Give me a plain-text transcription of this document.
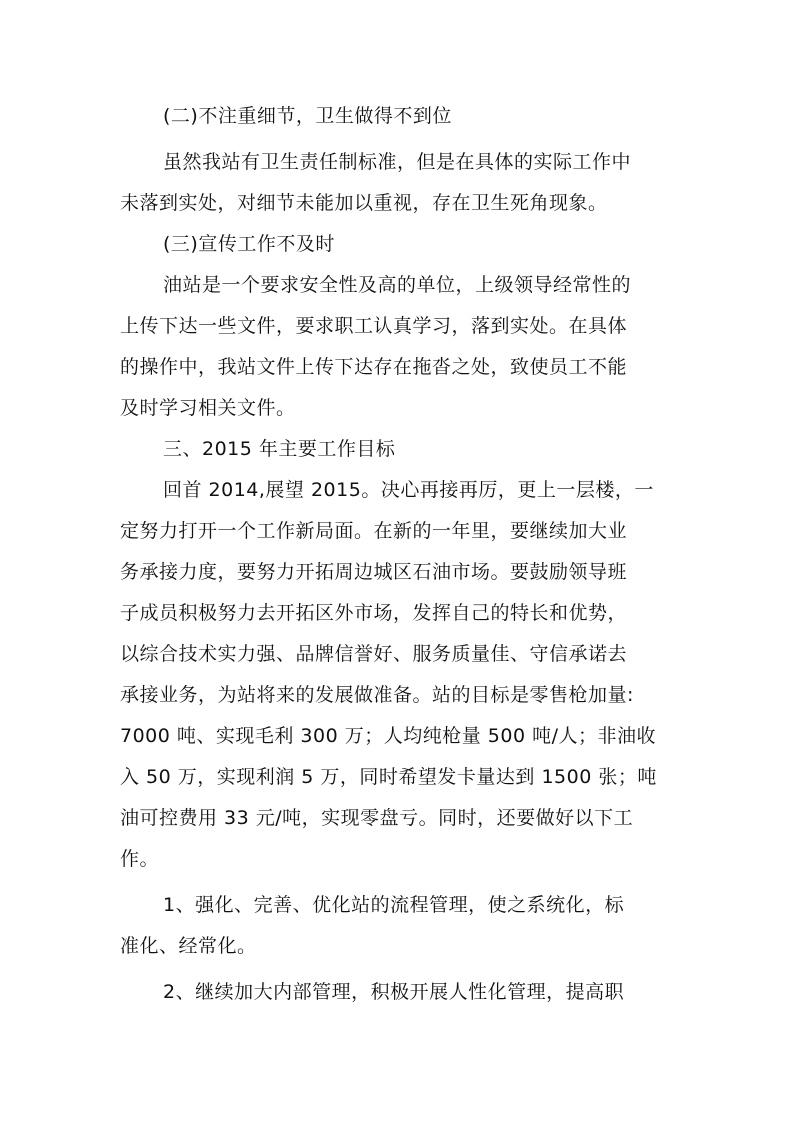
(二)不注重细节，卫生做得不到位
虽然我站有卫生责任制标准，但是在具体的实际工作中
未落到实处，对细节未能加以重视，存在卫生死角现象。
(三)宣传工作不及时
油站是一个要求安全性及高的单位，上级领导经常性的
上传下达一些文件，要求职工认真学习，落到实处。在具体
的操作中，我站文件上传下达存在拖沓之处，致使员工不能
及时学习相关文件。
三、2015 年主要工作目标
回首 2014,展望 2015。决心再接再厉，更上一层楼，一
定努力打开一个工作新局面。在新的一年里，要继续加大业
务承接力度，要努力开拓周边城区石油市场。要鼓励领导班
子成员积极努力去开拓区外市场，发挥自己的特长和优势，
以综合技术实力强、品牌信誉好、服务质量佳、守信承诺去
承接业务，为站将来的发展做准备。站的目标是零售枪加量:
7000 吨、实现毛利 300 万；人均纯枪量 500 吨/人；非油收
入 50 万，实现利润 5 万，同时希望发卡量达到 1500 张；吨
油可控费用 33 元/吨，实现零盘亏。同时，还要做好以下工
作。
1、强化、完善、优化站的流程管理，使之系统化，标
准化、经常化。
2、继续加大内部管理，积极开展人性化管理，提高职
